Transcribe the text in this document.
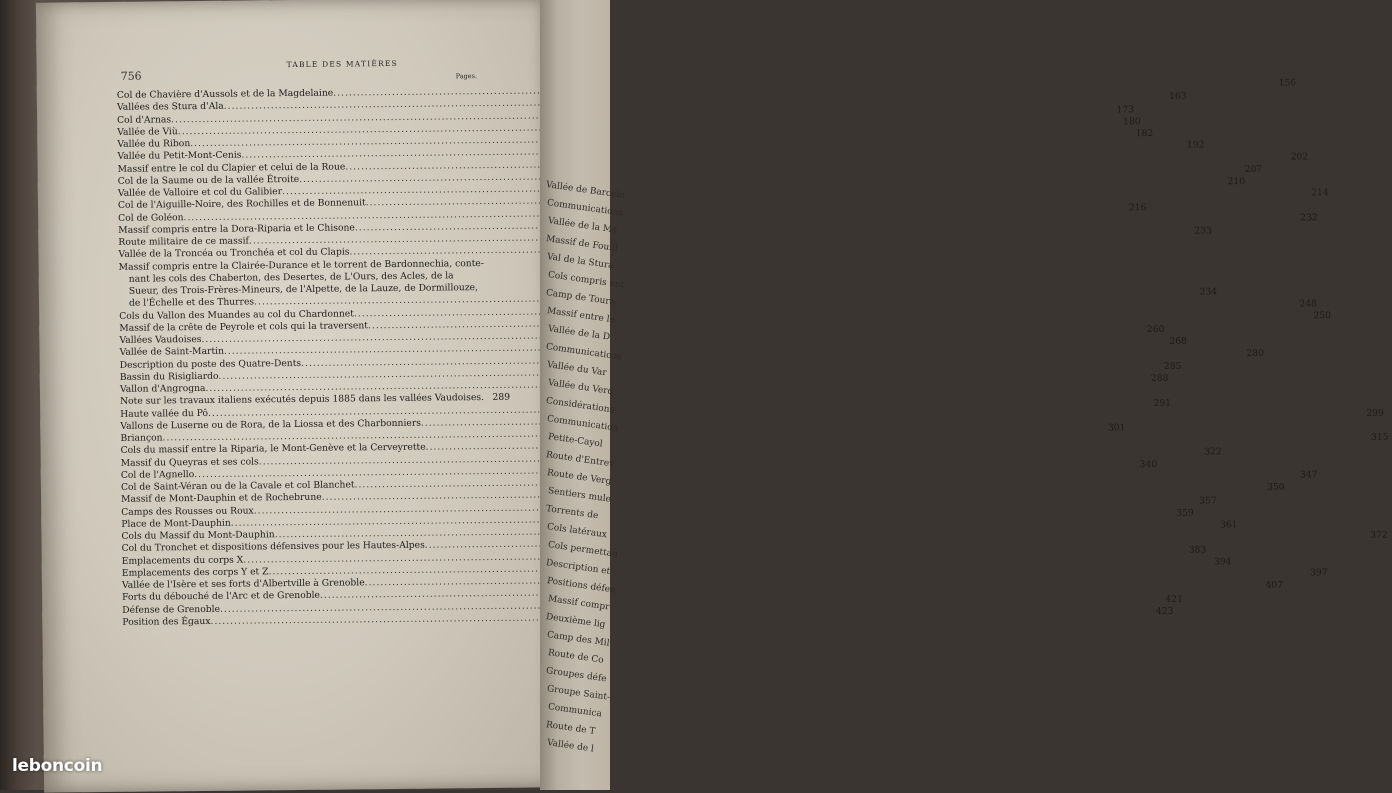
756
TABLE DES MATIÈRES
Pages.
Col de Chavière d'Aussols et de la Magdelaine
.....
156
Vallées des Stura d'Ala
.....
163
Col d'Arnas
.....
173
Vallée de Viù
.....
180
Vallée du Ribon
.....
182
Vallée du Petit-Mont-Cenis
.....
192
Massif entre le col du Clapier et celui de la Roue
.....
202
Col de la Saume ou de la vallée Étroite
.....
207
Vallée de Valloire et col du Galibier
.....
210
Col de l'Aiguille-Noire, des Rochilles et de Bonnenuit
.....
214
Col de Goléon
.....
216
Massif compris entre la Dora-Riparia et le Chisone
.....
232
Route militaire de ce massif
.....
233
Vallée de la Troncéa ou Tronchéa et col du Clapis
.....
Massif compris entre la Clairée-Durance et le torrent de Bardonnechia, conte-
nant les cols des Chaberton, des Desertes, de L'Ours, des Acles, de la
Sueur, des Trois-Frères-Mineurs, de l'Alpette, de la Lauze, de Dormillouze,
de l'Échelle et des Thurres
.....
234
Cols du Vallon des Muandes au col du Chardonnet
.....
248
Massif de la crête de Peyrole et cols qui la traversent
.....
250
Vallées Vaudoises
.....
260
Vallée de Saint-Martin
.....
268
Description du poste des Quatre-Dents
.....
280
Bassin du Risigliardo
.....
285
Vallon d'Angrogna
.....
288
Note sur les travaux italiens exécutés depuis 1885 dans les vallées Vaudoises.
..... 289
Haute vallée du Pô
.....
291
Vallons de Luserne ou de Rora, de la Liossa et des Charbonniers
.....
299
Briançon
.....
301
Cols du massif entre la Riparia, le Mont-Genève et la Cerveyrette
.....
315
Massif du Queyras et ses cols
.....
322
Col de l'Agnello
.....
340
Col de Saint-Véran ou de la Cavale et col Blanchet
.....
347
Massif de Mont-Dauphin et de Rochebrune
.....
350
Camps des Rousses ou Roux
.....
357
Place de Mont-Dauphin
.....
359
Cols du Massif du Mont-Dauphin
.....
361
Col du Tronchet et dispositions défensives pour les Hautes-Alpes
.....
372
Emplacements du corps X
.....
383
Emplacements des corps Y et Z
.....
394
Vallée de l'Isère et ses forts d'Albertville à Grenoble
.....
397
Forts du débouché de l'Arc et de Grenoble
.....
407
Défense de Grenoble
.....
421
Position des Égaux
.....
423
Vallée de Barcelo
Communications
Vallée de la Ma
Massif de Fouill
Val de la Stura
Cols compris ent
Camp de Tourn
Massif entre le
Vallée de la D
Communications
Vallée du Var
Vallée du Verd
Considérations
Communication
Petite-Cayol
Route d'Entrev
Route de Verg
Sentiers mule
Torrents de
Cols latéraux
Cols permettan
Description et
Positions défen
Massif compr
Deuxième lig
Camp des Mil
Route de Co
Groupes défe
Groupe Saint-
Communica
Route de T
Vallée de l
leboncoin
